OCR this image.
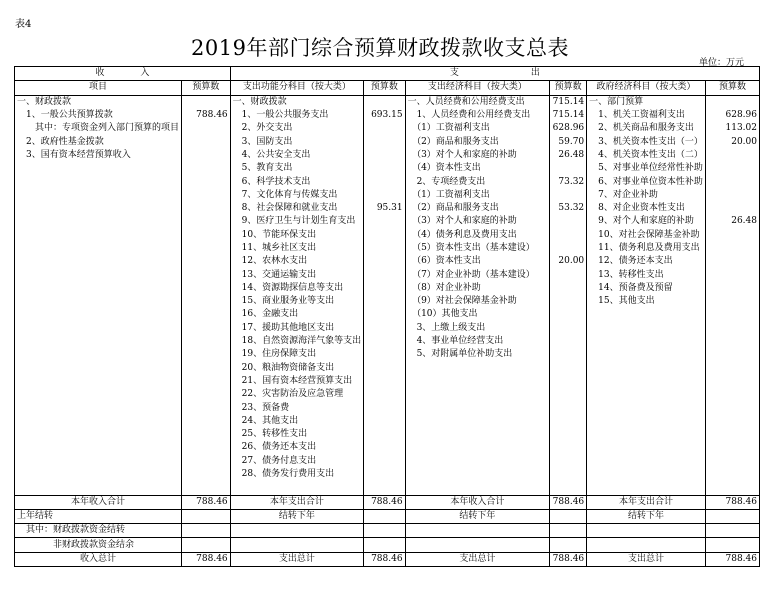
表4
2019年部门综合预算财政拨款收支总表
单位：万元
收　　　　入		支　　　　　　　　出					
项目	预算数	支出功能分科目（按大类）	预算数	支出经济科目（按大类）	预算数	政府经济科目（按大类）	预算数
一、财政拨款		一、财政拨款		一、人员经费和公用经费支出	715.14	一、部门预算	
　1、一般公共预算拨款	788.46	　1、一般公共服务支出	693.15	　1、人员经费和公用经费支出	715.14	　1、机关工资福利支出	628.96
　　其中：专项资金列入部门预算的项目		　2、外交支出		　（1）工资福利支出	628.96	　2、机关商品和服务支出	113.02
　2、政府性基金拨款		　3、国防支出		　（2）商品和服务支出	59.70	　3、机关资本性支出（一）	20.00
　3、国有资本经营预算收入		　4、公共安全支出		　（3）对个人和家庭的补助	26.48	　4、机关资本性支出（二）	
		　5、教育支出		　（4）资本性支出		　5、对事业单位经常性补助	
		　6、科学技术支出		　2、专项经费支出	73.32	　6、对事业单位资本性补助	
		　7、文化体育与传媒支出		　（1）工资福利支出		　7、对企业补助	
		　8、社会保障和就业支出	95.31	　（2）商品和服务支出	53.32	　8、对企业资本性支出	
		　9、医疗卫生与计划生育支出		　（3）对个人和家庭的补助		　9、对个人和家庭的补助	26.48
		　10、节能环保支出		　（4）债务利息及费用支出		　10、对社会保障基金补助	
		　11、城乡社区支出		　（5）资本性支出（基本建设）		　11、债务利息及费用支出	
		　12、农林水支出		　（6）资本性支出	20.00	　12、债务还本支出	
		　13、交通运输支出		　（7）对企业补助（基本建设）		　13、转移性支出	
		　14、资源勘探信息等支出		　（8）对企业补助		　14、预备费及预留	
		　15、商业服务业等支出		　（9）对社会保障基金补助		　15、其他支出	
		　16、金融支出		　（10）其他支出			
		　17、援助其他地区支出		　3、上缴上级支出			
		　18、自然资源海洋气象等支出		　4、事业单位经营支出			
		　19、住房保障支出		　5、对附属单位补助支出			
		　20、粮油物资储备支出					
		　21、国有资本经营预算支出					
		　22、灾害防治及应急管理					
		　23、预备费					
		　24、其他支出					
		　25、转移性支出					
		　26、债务还本支出					
		　27、债务付息支出					
		　28、债务发行费用支出					

本年收入合计	788.46	本年支出合计	788.46	本年收入合计	788.46	本年支出合计	788.46
上年结转		结转下年		结转下年		结转下年	
　其中：财政拨款资金结转							
　　　　非财政拨款资金结余							
收入总计	788.46	支出总计	788.46	支出总计	788.46	支出总计	788.46
